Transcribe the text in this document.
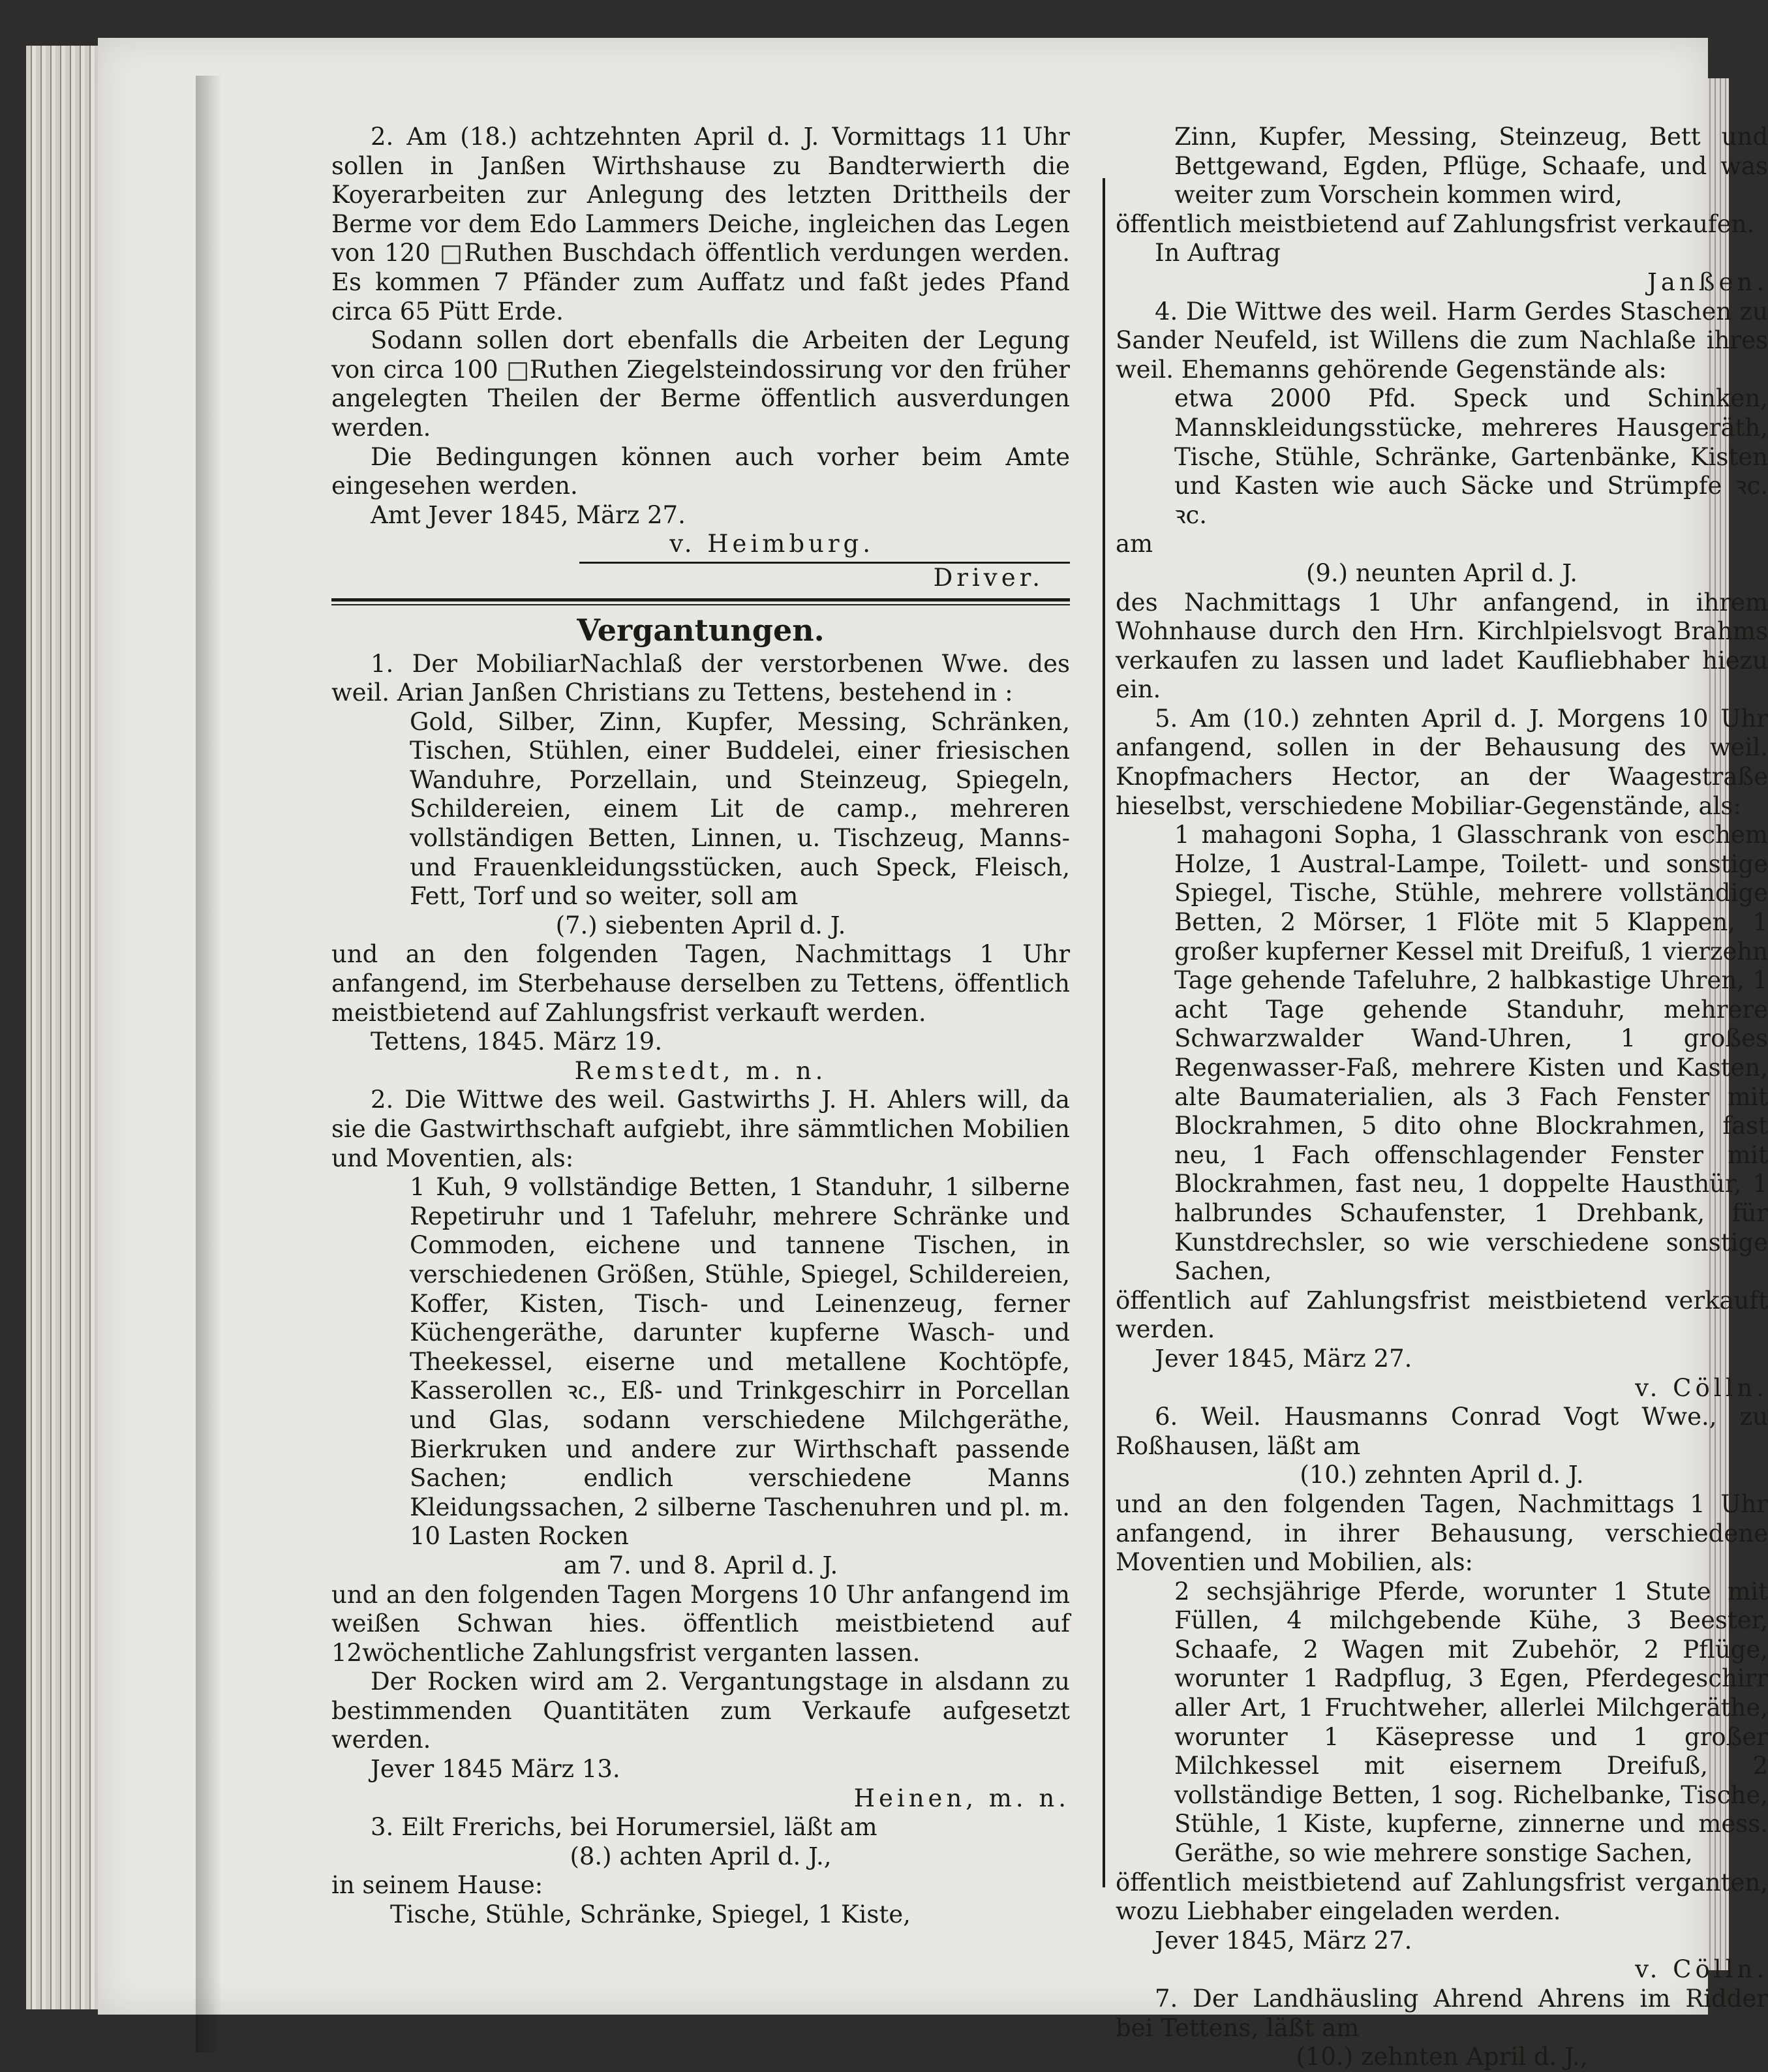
2. Am (18.) achtzehnten April d. J. Vormittags 11 Uhr sollen in Janßen Wirthshause zu Bandterwierth die Koyerarbeiten zur Anlegung des letzten Drittheils der Berme vor dem Edo Lammers Deiche, ingleichen das Legen von 120 □Ruthen Buschdach öffentlich verdungen werden. Es kommen 7 Pfänder zum Auffatz und faßt jedes Pfand circa 65 Pütt Erde.

Sodann sollen dort ebenfalls die Arbeiten der Legung von circa 100 □Ruthen Ziegelsteindossirung vor den früher angelegten Theilen der Berme öffentlich ausverdungen werden.

Die Bedingungen können auch vorher beim Amte eingesehen werden.

Amt Jever 1845, März 27.

v. Heimburg.

Driver.

Vergantungen.

1. Der MobiliarNachlaß der verstorbenen Wwe. des weil. Arian Janßen Christians zu Tettens, bestehend in :

Gold, Silber, Zinn, Kupfer, Messing, Schränken, Tischen, Stühlen, einer Buddelei, einer friesischen Wanduhre, Porzellain, und Steinzeug, Spiegeln, Schildereien, einem Lit de camp., mehreren vollständigen Betten, Linnen, u. Tischzeug, Manns- und Frauenkleidungsstücken, auch Speck, Fleisch, Fett, Torf und so weiter, soll am

(7.) siebenten April d. J.

und an den folgenden Tagen, Nachmittags 1 Uhr anfangend, im Sterbehause derselben zu Tettens, öffentlich meistbietend auf Zahlungsfrist verkauft werden.

Tettens, 1845. März 19.

Remstedt, m. n.

2. Die Wittwe des weil. Gastwirths J. H. Ahlers will, da sie die Gastwirthschaft aufgiebt, ihre sämmtlichen Mobilien und Moventien, als:

1 Kuh, 9 vollständige Betten, 1 Standuhr, 1 silberne Repetiruhr und 1 Tafeluhr, mehrere Schränke und Commoden, eichene und tannene Tischen, in verschiedenen Größen, Stühle, Spiegel, Schildereien, Koffer, Kisten, Tisch- und Leinenzeug, ferner Küchengeräthe, darunter kupferne Wasch- und Theekessel, eiserne und metallene Kochtöpfe, Kasserollen ꝛc., Eß- und Trinkgeschirr in Porcellan und Glas, sodann verschiedene Milchgeräthe, Bierkruken und andere zur Wirthschaft passende Sachen; endlich verschiedene Manns Kleidungssachen, 2 silberne Taschenuhren und pl. m. 10 Lasten Rocken

am 7. und 8. April d. J.

und an den folgenden Tagen Morgens 10 Uhr anfangend im weißen Schwan hies. öffentlich meistbietend auf 12wöchentliche Zahlungsfrist verganten lassen.

Der Rocken wird am 2. Vergantungstage in alsdann zu bestimmenden Quantitäten zum Verkaufe aufgesetzt werden.

Jever 1845 März 13.

Heinen, m. n.

3. Eilt Frerichs, bei Horumersiel, läßt am

(8.) achten April d. J.,

in seinem Hause:

Tische, Stühle, Schränke, Spiegel, 1 Kiste,

Zinn, Kupfer, Messing, Steinzeug, Bett und Bettgewand, Egden, Pflüge, Schaafe, und was weiter zum Vorschein kommen wird,

öffentlich meistbietend auf Zahlungsfrist verkaufen.

In Auftrag

Janßen.

4. Die Wittwe des weil. Harm Gerdes Staschen zu Sander Neufeld, ist Willens die zum Nachlaße ihres weil. Ehemanns gehörende Gegenstände als:

etwa 2000 Pfd. Speck und Schinken, Mannskleidungsstücke, mehreres Hausgeräth, Tische, Stühle, Schränke, Gartenbänke, Kisten und Kasten wie auch Säcke und Strümpfe ꝛc. ꝛc.

am

(9.) neunten April d. J.

des Nachmittags 1 Uhr anfangend, in ihrem Wohnhause durch den Hrn. Kirchlpielsvogt Brahms verkaufen zu lassen und ladet Kaufliebhaber hiezu ein.

5. Am (10.) zehnten April d. J. Morgens 10 Uhr anfangend, sollen in der Behausung des weil. Knopfmachers Hector, an der Waagestraße hieselbst, verschiedene Mobiliar-Gegenstände, als:

1 mahagoni Sopha, 1 Glasschrank von eschem Holze, 1 Austral-Lampe, Toilett- und sonstige Spiegel, Tische, Stühle, mehrere vollständige Betten, 2 Mörser, 1 Flöte mit 5 Klappen, 1 großer kupferner Kessel mit Dreifuß, 1 vierzehn Tage gehende Tafeluhre, 2 halbkastige Uhren, 1 acht Tage gehende Standuhr, mehrere Schwarzwalder Wand-Uhren, 1 großes Regenwasser-Faß, mehrere Kisten und Kasten, alte Baumaterialien, als 3 Fach Fenster mit Blockrahmen, 5 dito ohne Blockrahmen, fast neu, 1 Fach offenschlagender Fenster mit Blockrahmen, fast neu, 1 doppelte Hausthür, 1 halbrundes Schaufenster, 1 Drehbank, für Kunstdrechsler, so wie verschiedene sonstige Sachen,

öffentlich auf Zahlungsfrist meistbietend verkauft werden.

Jever 1845, März 27.

v. Cölln.

6. Weil. Hausmanns Conrad Vogt Wwe., zu Roßhausen, läßt am

(10.) zehnten April d. J.

und an den folgenden Tagen, Nachmittags 1 Uhr anfangend, in ihrer Behausung, verschiedene Moventien und Mobilien, als:

2 sechsjährige Pferde, worunter 1 Stute mit Füllen, 4 milchgebende Kühe, 3 Beester, Schaafe, 2 Wagen mit Zubehör, 2 Pflüge, worunter 1 Radpflug, 3 Egen, Pferdegeschirr aller Art, 1 Fruchtweher, allerlei Milchgeräthe, worunter 1 Käsepresse und 1 großer Milchkessel mit eisernem Dreifuß, 2 vollständige Betten, 1 sog. Richelbanke, Tische, Stühle, 1 Kiste, kupferne, zinnerne und mess. Geräthe, so wie mehrere sonstige Sachen,

öffentlich meistbietend auf Zahlungsfrist verganten, wozu Liebhaber eingeladen werden.

Jever 1845, März 27.

v. Cölln.

7. Der Landhäusling Ahrend Ahrens im Ridder bei Tettens, läßt am

(10.) zehnten April d. J.,
